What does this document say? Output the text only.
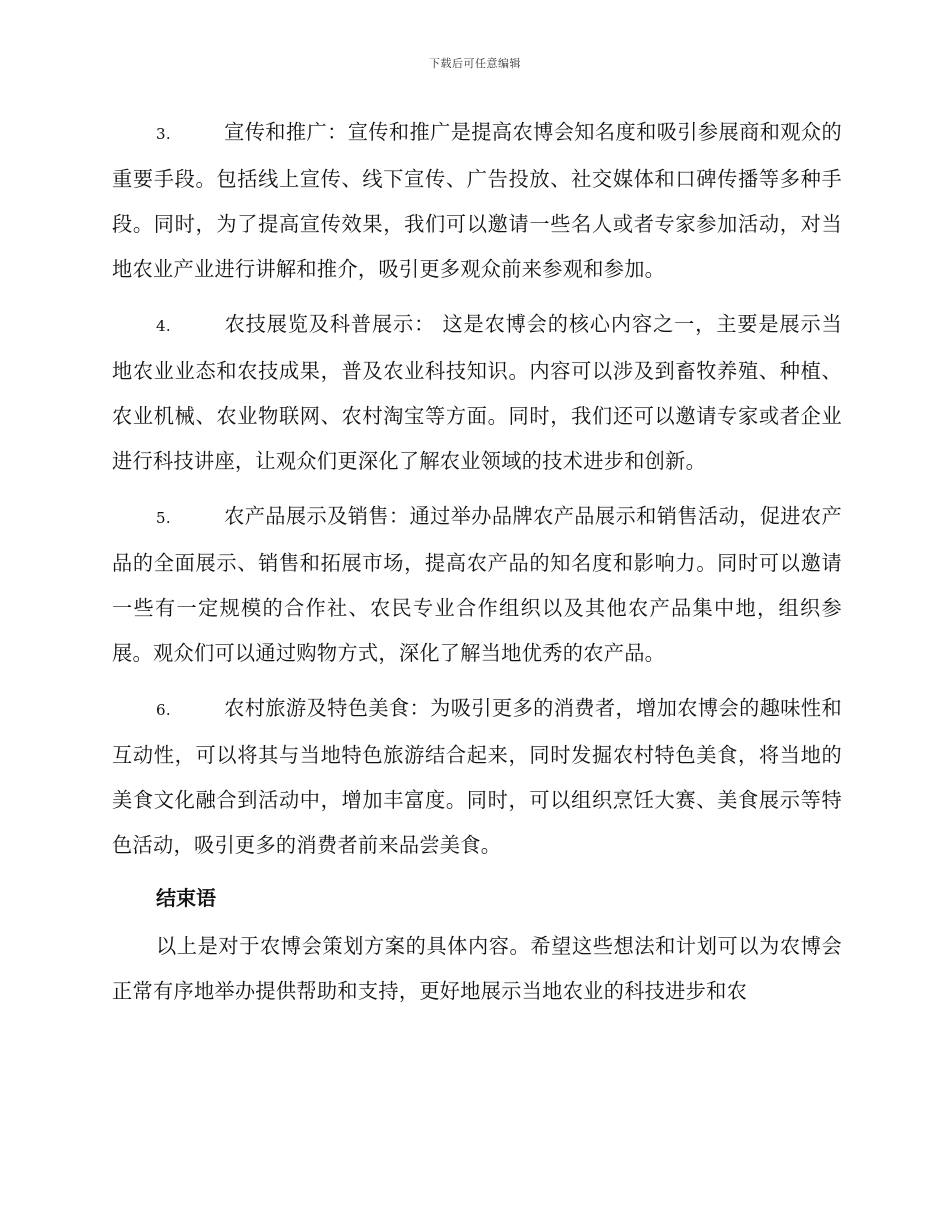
下载后可任意编辑

3.	宣传和推广：宣传和推广是提高农博会知名度和吸引参展商和观众的重要手段。包括线上宣传、线下宣传、广告投放、社交媒体和口碑传播等多种手段。同时，为了提高宣传效果，我们可以邀请一些名人或者专家参加活动，对当地农业产业进行讲解和推介，吸引更多观众前来参观和参加。

4.	农技展览及科普展示： 这是农博会的核心内容之一，主要是展示当地农业业态和农技成果，普及农业科技知识。内容可以涉及到畜牧养殖、种植、农业机械、农业物联网、农村淘宝等方面。同时，我们还可以邀请专家或者企业进行科技讲座，让观众们更深化了解农业领域的技术进步和创新。

5.	农产品展示及销售：通过举办品牌农产品展示和销售活动，促进农产品的全面展示、销售和拓展市场，提高农产品的知名度和影响力。同时可以邀请一些有一定规模的合作社、农民专业合作组织以及其他农产品集中地，组织参展。观众们可以通过购物方式，深化了解当地优秀的农产品。

6.	农村旅游及特色美食：为吸引更多的消费者，增加农博会的趣味性和互动性，可以将其与当地特色旅游结合起来，同时发掘农村特色美食，将当地的美食文化融合到活动中，增加丰富度。同时，可以组织烹饪大赛、美食展示等特色活动，吸引更多的消费者前来品尝美食。

结束语

以上是对于农博会策划方案的具体内容。希望这些想法和计划可以为农博会正常有序地举办提供帮助和支持，更好地展示当地农业的科技进步和农
